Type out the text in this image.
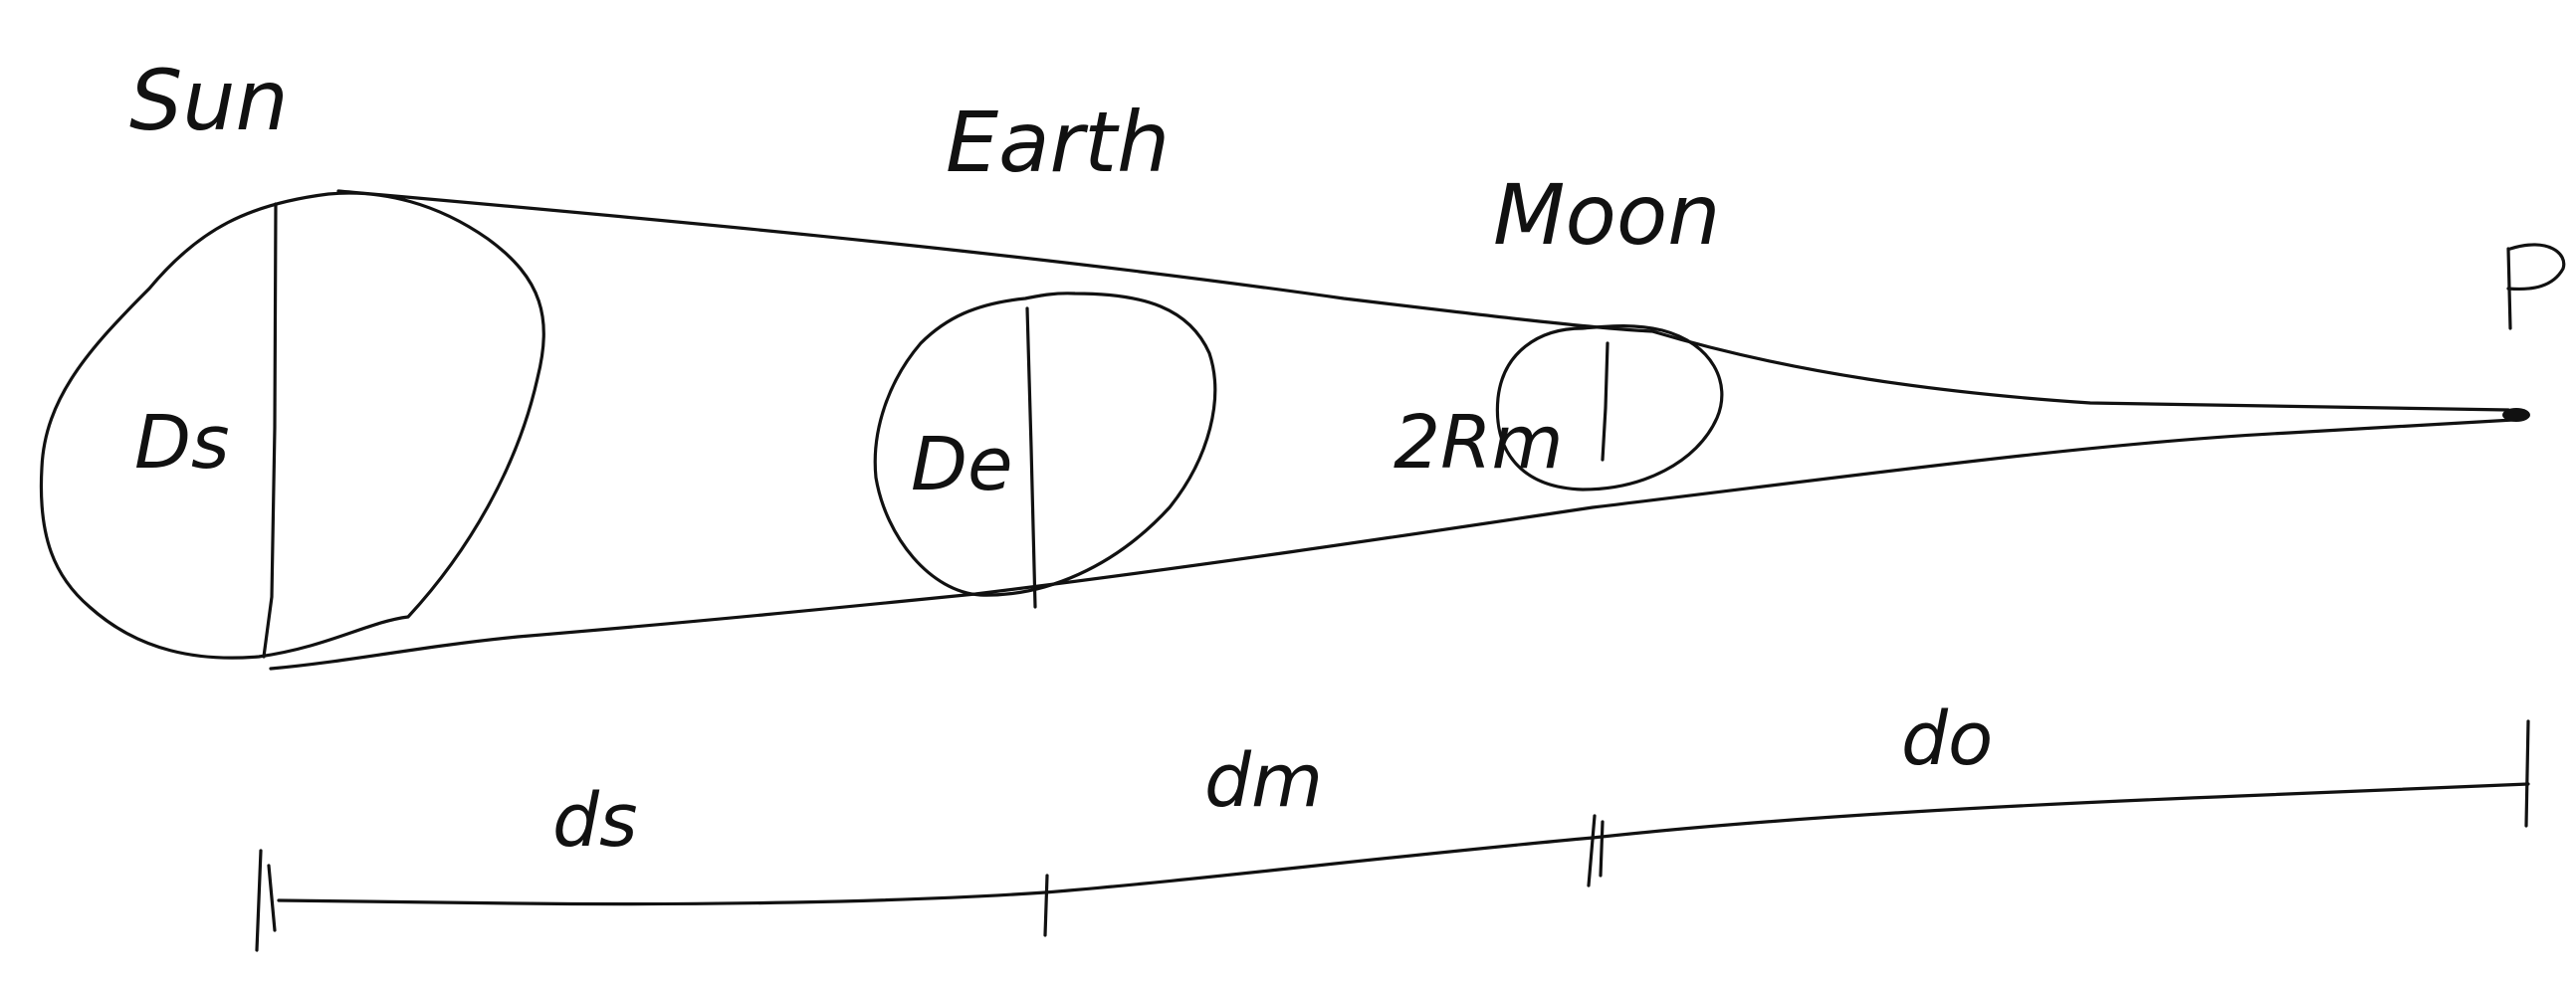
Sun	Earth
Moon
Ds	De	2Rm
ds	dm	do
